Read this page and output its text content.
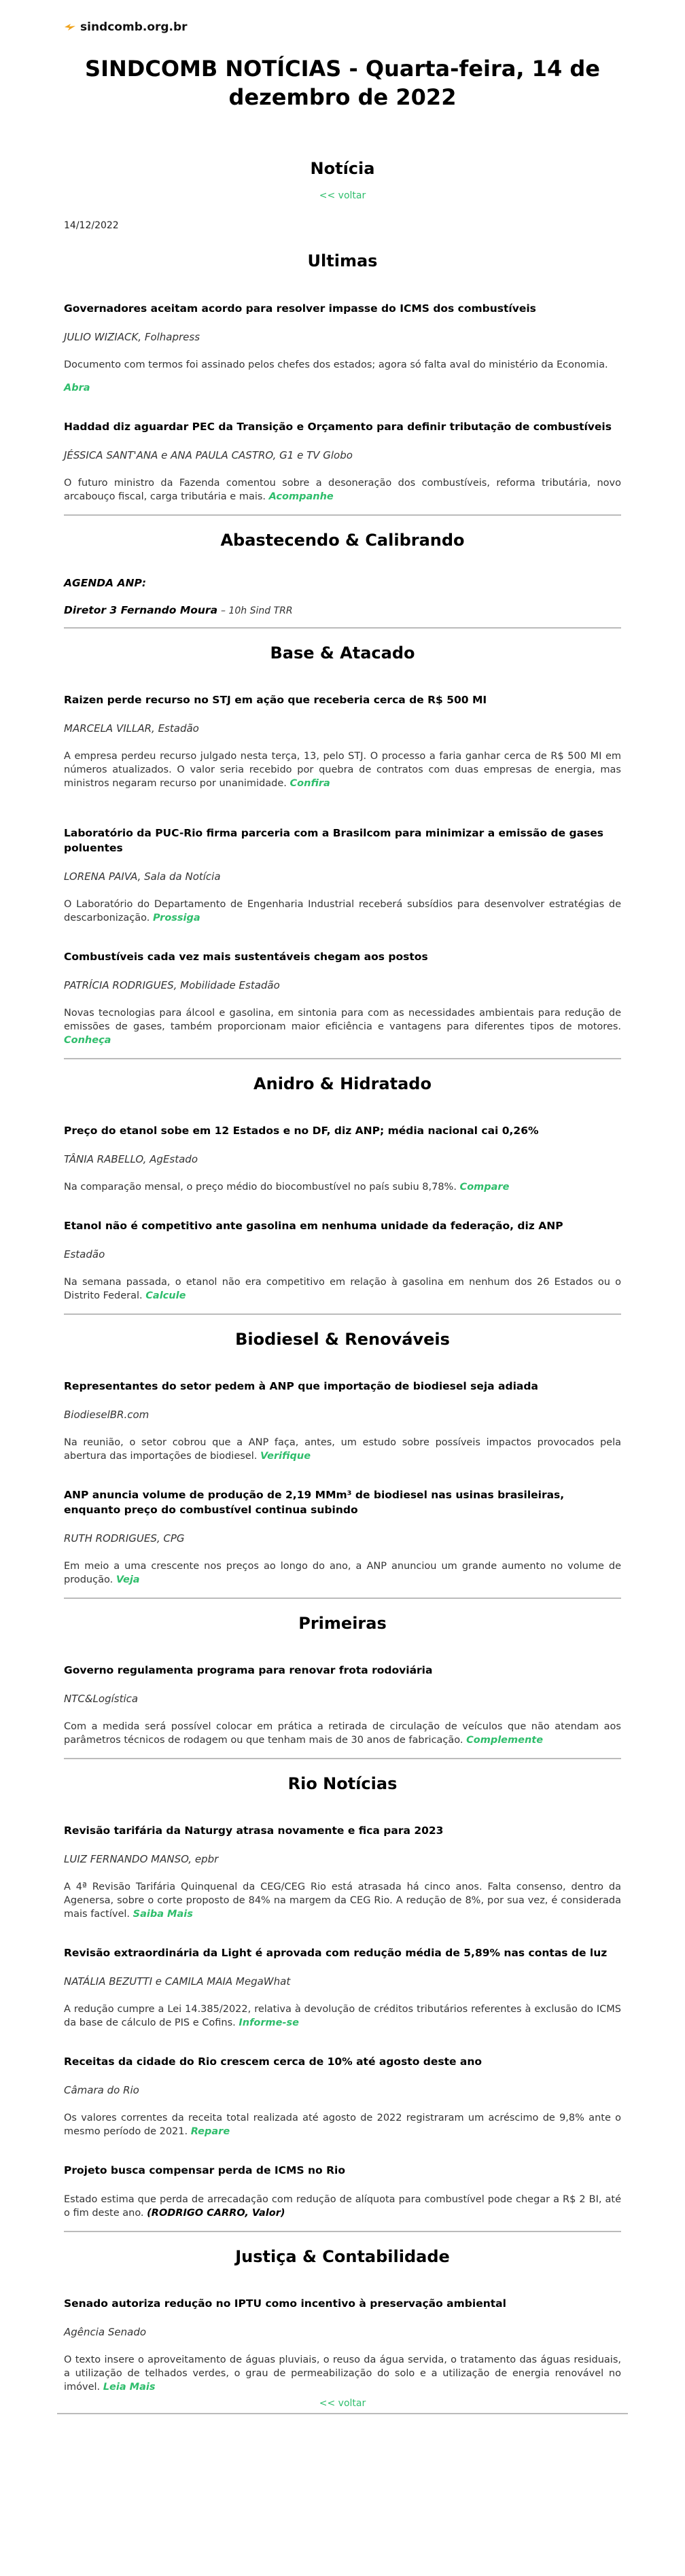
sindcomb.org.br
SINDCOMB NOTÍCIAS - Quarta-feira, 14 de dezembro de 2022
Notícia
<< voltar
14/12/2022
Ultimas
Governadores aceitam acordo para resolver impasse do ICMS dos combustíveis
JULIO WIZIACK, Folhapress
Documento com termos foi assinado pelos chefes dos estados; agora só falta aval do ministério da Economia.
Abra
Haddad diz aguardar PEC da Transição e Orçamento para definir tributação de combustíveis
JÉSSICA SANT'ANA e ANA PAULA CASTRO, G1 e TV Globo
O futuro ministro da Fazenda comentou sobre a desoneração dos combustíveis, reforma tributária, novo arcabouço fiscal, carga tributária e mais. Acompanhe
Abastecendo & Calibrando
AGENDA ANP:
Diretor 3 Fernando Moura – 10h Sind TRR
Base & Atacado
Raizen perde recurso no STJ em ação que receberia cerca de R$ 500 MI
MARCELA VILLAR, Estadão
A empresa perdeu recurso julgado nesta terça, 13, pelo STJ. O processo a faria ganhar cerca de R$ 500 MI em números atualizados. O valor seria recebido por quebra de contratos com duas empresas de energia, mas ministros negaram recurso por unanimidade. Confira
Laboratório da PUC-Rio firma parceria com a Brasilcom para minimizar a emissão de gases poluentes
LORENA PAIVA, Sala da Notícia
O Laboratório do Departamento de Engenharia Industrial receberá subsídios para desenvolver estratégias de descarbonização. Prossiga
Combustíveis cada vez mais sustentáveis chegam aos postos
PATRÍCIA RODRIGUES, Mobilidade Estadão
Novas tecnologias para álcool e gasolina, em sintonia para com as necessidades ambientais para redução de emissões de gases, também proporcionam maior eficiência e vantagens para diferentes tipos de motores. Conheça
Anidro & Hidratado
Preço do etanol sobe em 12 Estados e no DF, diz ANP; média nacional cai 0,26%
TÂNIA RABELLO, AgEstado
Na comparação mensal, o preço médio do biocombustível no país subiu 8,78%. Compare
Etanol não é competitivo ante gasolina em nenhuma unidade da federação, diz ANP
Estadão
Na semana passada, o etanol não era competitivo em relação à gasolina em nenhum dos 26 Estados ou o Distrito Federal. Calcule
Biodiesel & Renováveis
Representantes do setor pedem à ANP que importação de biodiesel seja adiada
BiodieselBR.com
Na reunião, o setor cobrou que a ANP faça, antes, um estudo sobre possíveis impactos provocados pela abertura das importações de biodiesel. Verifique
ANP anuncia volume de produção de 2,19 MMm³ de biodiesel nas usinas brasileiras, enquanto preço do combustível continua subindo
RUTH RODRIGUES, CPG
Em meio a uma crescente nos preços ao longo do ano, a ANP anunciou um grande aumento no volume de produção. Veja
Primeiras
Governo regulamenta programa para renovar frota rodoviária
NTC&Logística
Com a medida será possível colocar em prática a retirada de circulação de veículos que não atendam aos parâmetros técnicos de rodagem ou que tenham mais de 30 anos de fabricação. Complemente
Rio Notícias
Revisão tarifária da Naturgy atrasa novamente e fica para 2023
LUIZ FERNANDO MANSO, epbr
A 4ª Revisão Tarifária Quinquenal da CEG/CEG Rio está atrasada há cinco anos. Falta consenso, dentro da Agenersa, sobre o corte proposto de 84% na margem da CEG Rio. A redução de 8%, por sua vez, é considerada mais factível. Saiba Mais
Revisão extraordinária da Light é aprovada com redução média de 5,89% nas contas de luz
NATÁLIA BEZUTTI e CAMILA MAIA MegaWhat
A redução cumpre a Lei 14.385/2022, relativa à devolução de créditos tributários referentes à exclusão do ICMS da base de cálculo de PIS e Cofins. Informe-se
Receitas da cidade do Rio crescem cerca de 10% até agosto deste ano
Câmara do Rio
Os valores correntes da receita total realizada até agosto de 2022 registraram um acréscimo de 9,8% ante o mesmo período de 2021. Repare
Projeto busca compensar perda de ICMS no Rio
Estado estima que perda de arrecadação com redução de alíquota para combustível pode chegar a R$ 2 BI, até o fim deste ano. (RODRIGO CARRO, Valor)
Justiça & Contabilidade
Senado autoriza redução no IPTU como incentivo à preservação ambiental
Agência Senado
O texto insere o aproveitamento de águas pluviais, o reuso da água servida, o tratamento das águas residuais, a utilização de telhados verdes, o grau de permeabilização do solo e a utilização de energia renovável no imóvel. Leia Mais
<< voltar
